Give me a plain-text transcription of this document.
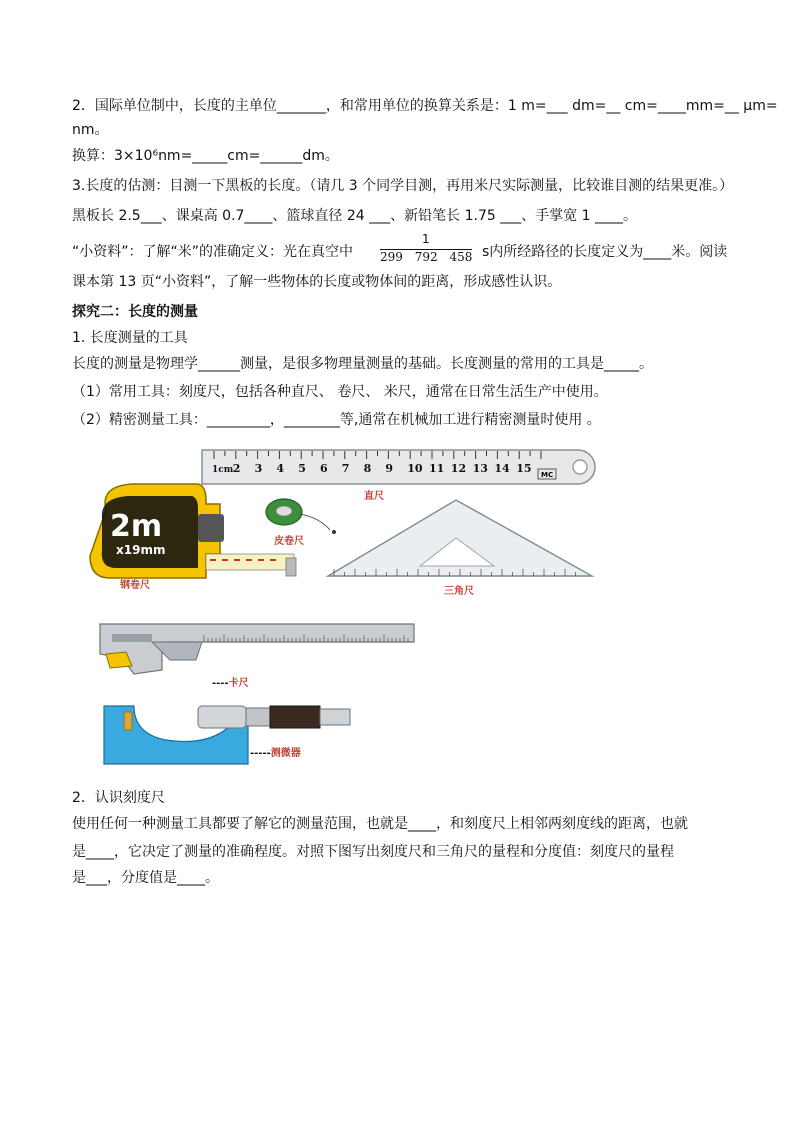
2．国际单位制中，长度的主单位_______，和常用单位的换算关系是：1 m=___ dm=__ cm=____mm=__ μm=
nm。
换算：3×10⁶nm=_____cm=______dm。
3.长度的估测：目测一下黑板的长度。（请几 3 个同学目测，再用米尺实际测量，比较谁目测的结果更准。）
黑板长 2.5___、课桌高 0.7____、篮球直径 24 ___、新铅笔长 1.75 ___、手掌宽 1 ____。
“小资料”：了解“米”的准确定义：光在真空中
1
299 792 458 s内所经路径的长度定义为____米。阅读
课本第 13 页“小资料”，了解一些物体的长度或物体间的距离，形成感性认识。
探究二：长度的测量
1. 长度测量的工具
长度的测量是物理学______测量，是很多物理量测量的基础。长度测量的常用的工具是_____。
（1）常用工具：刻度尺，包括各种直尺、 卷尺、 米尺，通常在日常生活生产中使用。
（2）精密测量工具：_________，________等,通常在机械加工进行精密测量时使用 。
1cm 2 3 4 5 6 7 8 9 10 11 12 13 14 15 MC
直尺
2m
x19mm
钢卷尺
皮卷尺
三角尺
----卡尺
-----测微器
2．认识刻度尺
使用任何一种测量工具都要了解它的测量范围，也就是____，和刻度尺上相邻两刻度线的距离，也就
是____，它决定了测量的准确程度。对照下图写出刻度尺和三角尺的量程和分度值：刻度尺的量程
是___，分度值是____。
